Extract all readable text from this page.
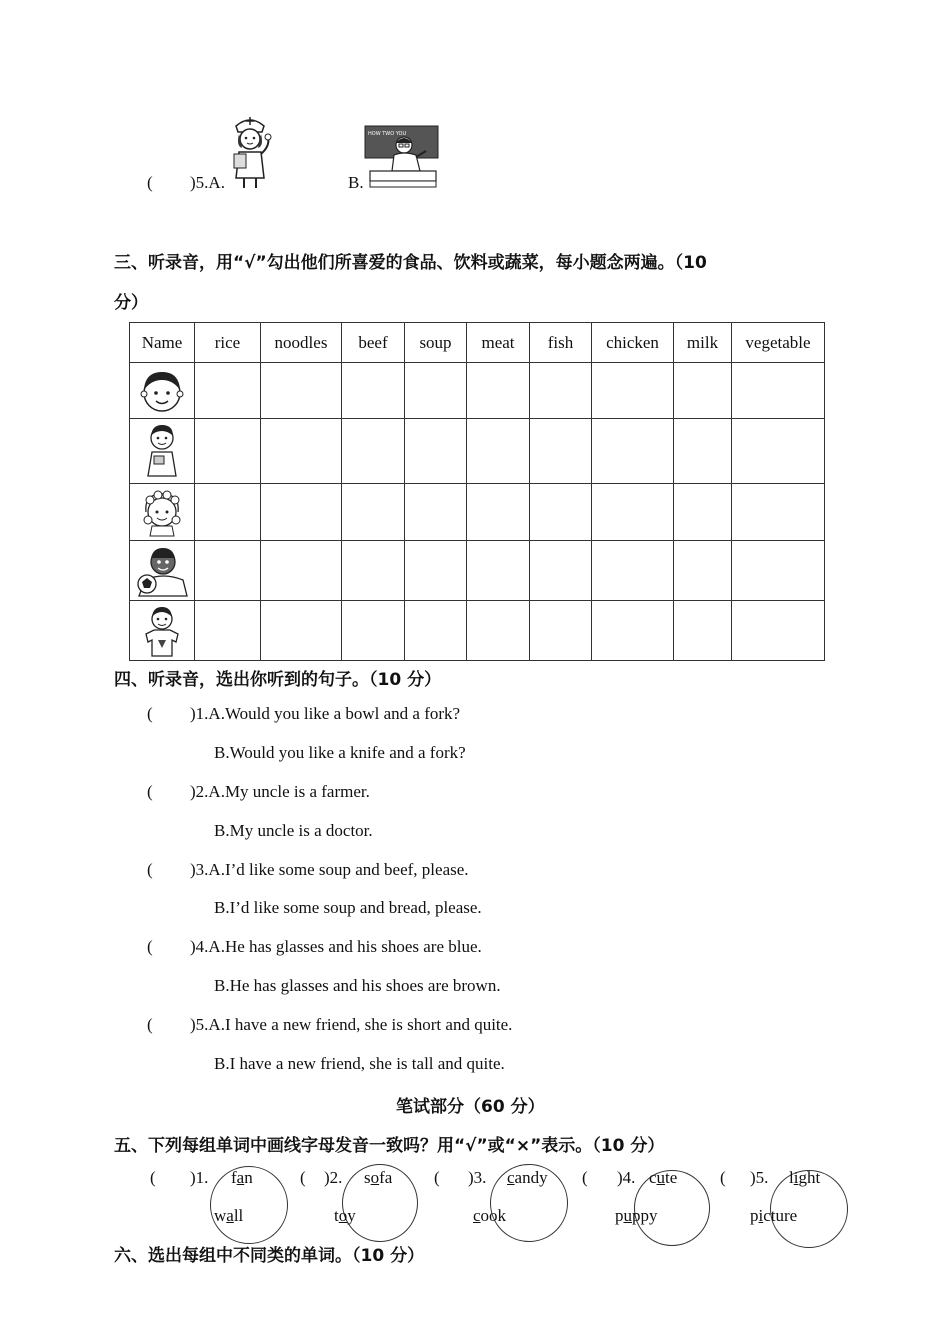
( )5.A.	B.
HOW TWO YOU
三、听录音，用“√”勾出他们所喜爱的食品、饮料或蔬菜，每小题念两遍。（10
分）
Name	rice	noodles	beef	soup	meat	fish	chicken	milk	vegetable

四、听录音，选出你听到的句子。（10 分）
( )1.A.Would you like a bowl and a fork?
B.Would you like a knife and a fork?
( )2.A.My uncle is a farmer.
B.My uncle is a doctor.
( )3.A.I’d like some soup and beef, please.
B.I’d like some soup and bread, please.
( )4.A.He has glasses and his shoes are blue.
B.He has glasses and his shoes are brown.
( )5.A.I have a new friend, she is short and quite.
B.I have a new friend, she is tall and quite.
笔试部分（60 分）
五、下列每组单词中画线字母发音一致吗？用“√”或“×”表示。（10 分）
( )1. fan
wall
( )2. sofa
toy
( )3. candy
cook
( )4. cute
puppy
( )5. light
picture
六、选出每组中不同类的单词。（10 分）
